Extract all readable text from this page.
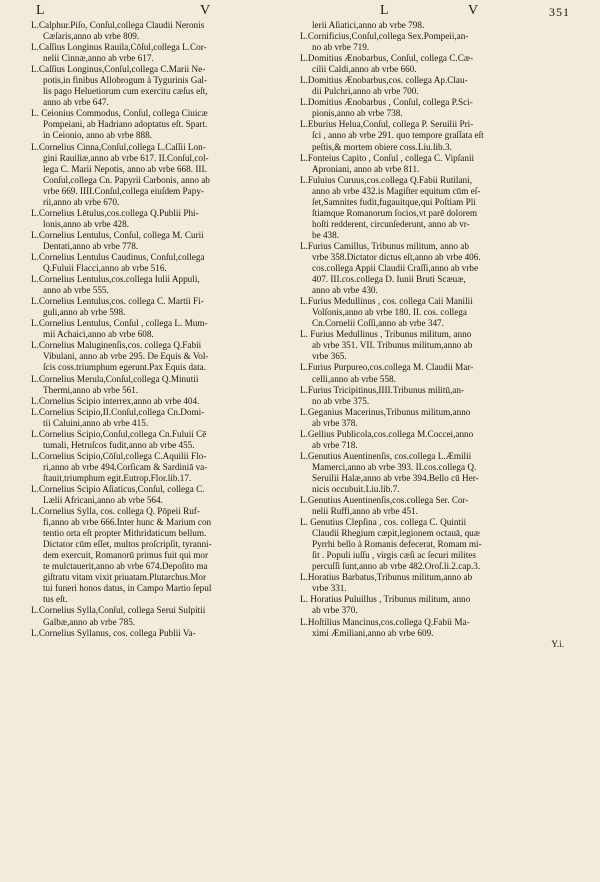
L	V	L	V	351
L.Calphur.Piſo, Conſul,collega Claudii Neronis
Cæſaris,anno ab vrbe 809.
L.Caſſius Longinus Rauila,Cōſul,collega L.Cor-
nelii Cinnæ,anno ab vrbe 617.
L.Caſſius Longinus,Conſul,collega C.Marii Ne-
potis,in finibus Allobrogum à Tygurinis Gal-
lis pago Heluetiorum cum exercitu cæſus eſt,
anno ab vrbe 647.
L. Ceionius Commodus, Conſul, collega Ciuicæ
Pompeiani, ab Hadriano adoptatus eſt. Spart.
in Ceionio, anno ab vrbe 888.
L.Cornelius Cinna,Conſul,collega L.Caſſii Lon-
gini Rauiliæ,anno ab vrbe 617. II.Conſul,col-
lega C. Marii Nepotis, anno ab vrbe 668. III.
Conſul,collega Cn. Papyrii Carbonis, anno ab
vrbe 669. IIII.Conſul,collega eiuſdem Papy-
rii,anno ab vrbe 670.
L.Cornelius Lētulus,cos.collega Q.Publii Phi-
lonis,anno ab vrbe 428.
L.Cornelius Lentulus, Conſul, collega M. Curii
Dentati,anno ab vrbe 778.
L.Cornelius Lentulus Caudinus, Conſul,collega
Q.Fuluii Flacci,anno ab vrbe 516.
L.Cornelius Lentulus,cos.collega Iulii Appuli,
anno ab vrbe 555.
L.Cornelius Lentulus,cos. collega C. Martii Fi-
guli,anno ab vrbe 598.
L.Cornelius Lentulus, Conſul , collega L. Mum-
mii Achaici,anno ab vrbe 608.
L.Cornelius Maluginenſis,cos. collega Q.Fabii
Vibulani, anno ab vrbe 295. De Equis & Vol-
ſcis coss.triumphum egerunt.Pax Equis data.
L.Cornelius Merula,Conſul,collega Q.Minutii
Thermi,anno ab vrbe 561.
L.Cornelius Scipio interrex,anno ab vrbe 404.
L.Cornelius Scipio,II.Conſul,collega Cn.Domi-
tii Caluini,anno ab vrbe 415.
L.Cornelius Scipio,Conſul,collega Cn.Fuluii Cē
tumali, Hetruſcos fudit,anno ab vrbe 455.
L.Cornelius Scipio,Cōſul,collega C.Aquilii Flo-
ri,anno ab vrbe 494.Corſicam & Sardiniā va-
ſtauit,triumphum egit.Eutrop.Flor.lib.17.
L.Cornelius Scipio Aſiaticus,Conſul, collega C.
Lælii Africani,anno ab vrbe 564.
L.Cornelius Sylla, cos. collega Q. Pōpeii Ruf-
fi,anno ab vrbe 666.Inter hunc & Marium con
tentio orta eſt propter Mithridaticum bellum.
Dictator cūm eſſet, multos proſcripſit, tyranni-
dem exercuit, Romanorū primus fuit qui mor
te mulctauerit,anno ab vrbe 674.Depoſito ma
giſtratu vitam vixit priuatam.Plutarchus.Mor
tui funeri honos datus, in Campo Martio ſepul
tus eſt.
L.Cornelius Sylla,Conſul, collega Serui Sulpitii
Galbæ,anno ab vrbe 785.
L.Cornelius Syllanus, cos. collega Publii Va-
lerii Aſiatici,anno ab vrbe 798.
L.Cornificius,Conſul,collega Sex.Pompeii,an-
no ab vrbe 719.
L.Domitius Ænobarbus, Conſul, collega C.Cæ-
cilii Caldi,anno ab vrbe 660.
L.Domitius Ænobarbus,cos. collega Ap.Clau-
dii Pulchri,anno ab vrbe 700.
L.Domitius Ænobarbus , Conſul, collega P.Sci-
pionis,anno ab vrbe 738.
L.Eburius Helua,Conſul, collega P. Seruilii Pri-
ſci , anno ab vrbe 291. quo tempore graſſata eſt
peſtis,& mortem obiere coss.Liu.lib.3.
L.Fonteius Capito , Conſul , collega C. Vipſanii
Aproniani, anno ab vrbe 811.
L.Fuluius Curuus,cos.collega Q.Fabii Rutilani,
anno ab vrbe 432.is Magiſter equitum cūm eſ-
ſet,Samnites fudit,fugauitque,qui Poſtiam Pli
ſtiamque Romanorum ſocios,vt parē dolorem
hoſti redderent, circunſederunt, anno ab vr-
be 438.
L.Furius Camillus, Tribunus militum, anno ab
vrbe 358.Dictator dictus eſt,anno ab vrbe 406.
cos.collega Appii Claudii Craſſi,anno ab vrbe
407. III.cos.collega D. Iunii Bruti Scæuæ,
anno ab vrbe 430.
L.Furius Medullinus , cos. collega Caii Manilii
Volſonis,anno ab vrbe 180. II. cos. collega
Cn.Cornelii Coſſi,anno ab vrbe 347.
L. Furius Medullinus , Tribunus militum, anno
ab vrbe 351. VII. Tribunus militum,anno ab
vrbe 365.
L.Furius Purpureo,cos.collega M. Claudii Mar-
celli,anno ab vrbe 558.
L.Furius Tricipitinus,IIII.Tribunus militū,an-
no ab vrbe 375.
L.Geganius Macerinus,Tribunus militum,anno
ab vrbe 378.
L.Gellius Publicola,cos.collega M.Coccei,anno
ab vrbe 718.
L.Genutius Auentinenſis, cos.collega L.Æmilii
Mamerci,anno ab vrbe 393. II.cos.collega Q.
Seruilii Halæ,anno ab vrbe 394.Bello cū Her-
nicis occubuit.Liu.lib.7.
L.Genutius Auentinenſis,cos.collega Ser. Cor-
nelii Ruffi,anno ab vrbe 451.
L. Genutius Clepſina , cos. collega C. Quintii
Claudii Rhegium cæpit,legionem octauā, quæ
Pyrrhi bello à Romanis defecerat, Romam mi-
ſit . Populi iuſſu , virgis cæſi ac ſecuri milites
percuſſi ſunt,anno ab vrbe 482.Oroſ.li.2.cap.3.
L.Horatius Barbatus,Tribunus militum,anno ab
vrbe 331.
L. Horatius Puluillus , Tribunus militum, anno
ab vrbe 370.
L.Hoſtilius Mancinus,cos.collega Q.Fabii Ma-
ximi Æmiliani,anno ab vrbe 609.
Y.i.
